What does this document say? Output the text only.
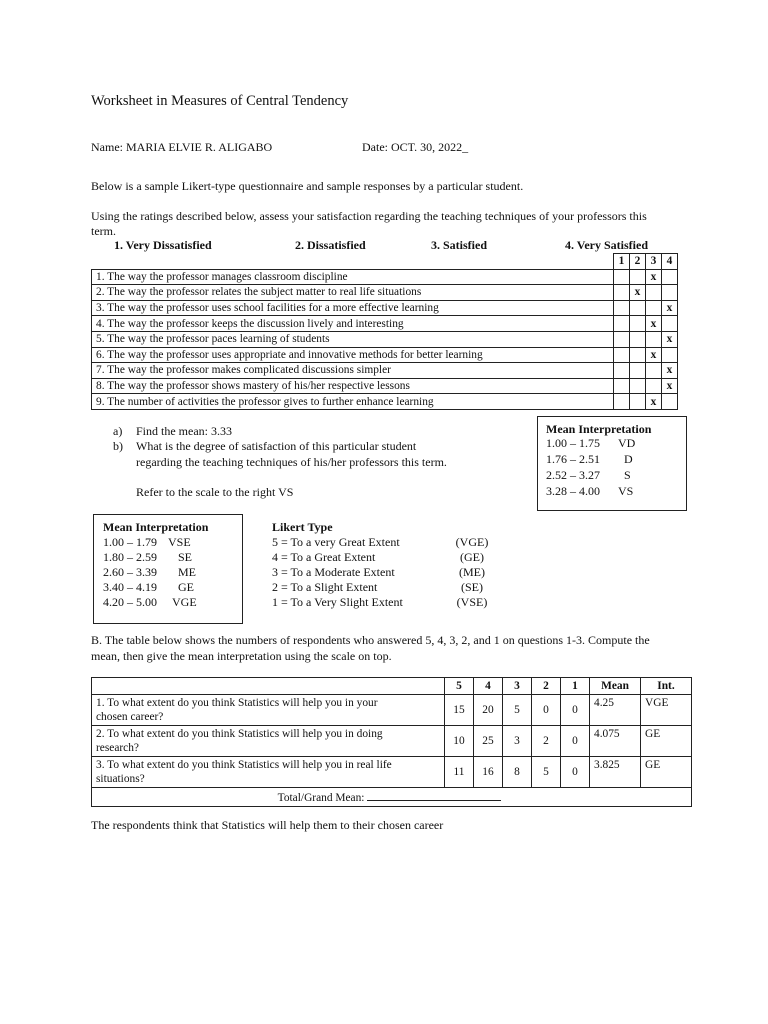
Worksheet in Measures of Central Tendency
Name: MARIA ELVIE R. ALIGABO	Date: OCT. 30, 2022_
Below is a sample Likert-type questionnaire and sample responses by a particular student.
Using the ratings described below, assess your satisfaction regarding the teaching techniques of your professors this
term.
1. Very Dissatisfied	2. Dissatisfied	3. Satisfied	4. Very Satisfied
	1	2	3	4
1. The way the professor manages classroom discipline			x	
2. The way the professor relates the subject matter to real life situations		x		
3. The way the professor uses school facilities for a more effective learning				x
4. The way the professor keeps the discussion lively and interesting			x	
5. The way the professor paces learning of students				x
6. The way the professor uses appropriate and innovative methods for better learning			x	
7. The way the professor makes complicated discussions simpler				x
8. The way the professor shows mastery of his/her respective lessons				x
9. The number of activities the professor gives to further enhance learning			x	
a) Find the mean: 3.33
b) What is the degree of satisfaction of this particular student
regarding the teaching techniques of his/her professors this term.
Refer to the scale to the right VS
Mean Interpretation
1.00 – 1.75 VD
1.76 – 2.51 D
2.52 – 3.27 S
3.28 – 4.00 VS
Mean Interpretation
1.00 – 1.79 VSE
1.80 – 2.59 SE
2.60 – 3.39 ME
3.40 – 4.19 GE
4.20 – 5.00 VGE
Likert Type
5 = To a very Great Extent	(VGE)
4 = To a Great Extent	(GE)
3 = To a Moderate Extent	(ME)
2 = To a Slight Extent	(SE)
1 = To a Very Slight Extent	(VSE)
B. The table below shows the numbers of respondents who answered 5, 4, 3, 2, and 1 on questions 1-3. Compute the
mean, then give the mean interpretation using the scale on top.
	5	4	3	2	1	Mean	Int.

1. To what extent do you think Statistics will help you in your
chosen career?	15	20	5	0	0	4.25	VGE

2. To what extent do you think Statistics will help you in doing
research?	10	25	3	2	0	4.075	GE

3. To what extent do you think Statistics will help you in real life
situations?	11	16	8	5	0	3.825	GE
Total/Grand Mean:							
The respondents think that Statistics will help them to their chosen career
